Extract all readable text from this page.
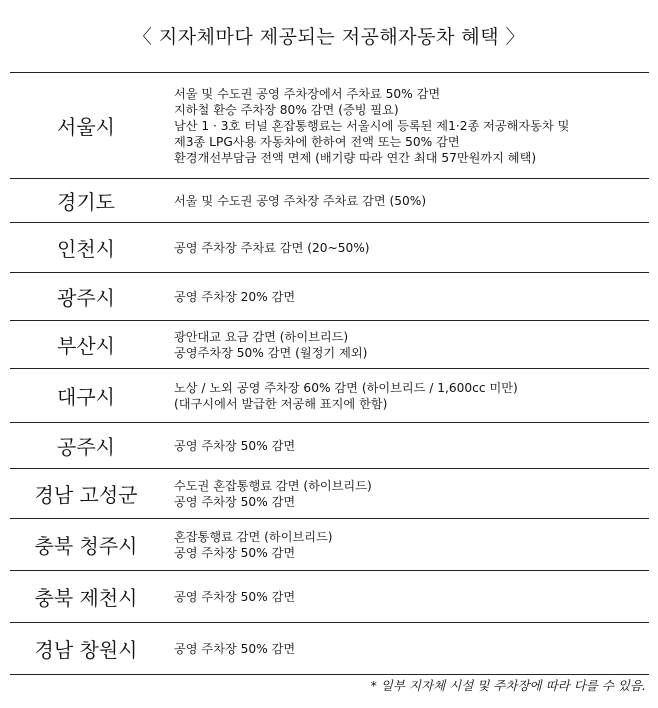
〈 지자체마다 제공되는 저공해자동차 혜택 〉
서울시
서울 및 수도권 공영 주차장에서 주차료 50% 감면
지하철 환승 주차장 80% 감면 (증빙 필요)
남산 1 · 3호 터널 혼잡통행료는 서울시에 등록된 제1·2종 저공해자동차 및
제3종 LPG사용 자동차에 한하여 전액 또는 50% 감면
환경개선부담금 전액 면제 (배기량 따라 연간 최대 57만원까지 혜택)
경기도	서울 및 수도권 공영 주차장 주차료 감면 (50%)
인천시	공영 주차장 주차료 감면 (20~50%)
광주시	공영 주차장 20% 감면
부산시	광안대교 요금 감면 (하이브리드)
공영주차장 50% 감면 (월정기 제외)
대구시	노상 / 노외 공영 주차장 60% 감면 (하이브리드 / 1,600cc 미만)
(대구시에서 발급한 저공해 표지에 한함)
공주시	공영 주차장 50% 감면
경남 고성군	수도권 혼잡통행료 감면 (하이브리드)
공영 주차장 50% 감면
충북 청주시	혼잡통행료 감면 (하이브리드)
공영 주차장 50% 감면
충북 제천시	공영 주차장 50% 감면
경남 창원시	공영 주차장 50% 감면
* 일부 지자체 시설 및 주차장에 따라 다를 수 있음.
